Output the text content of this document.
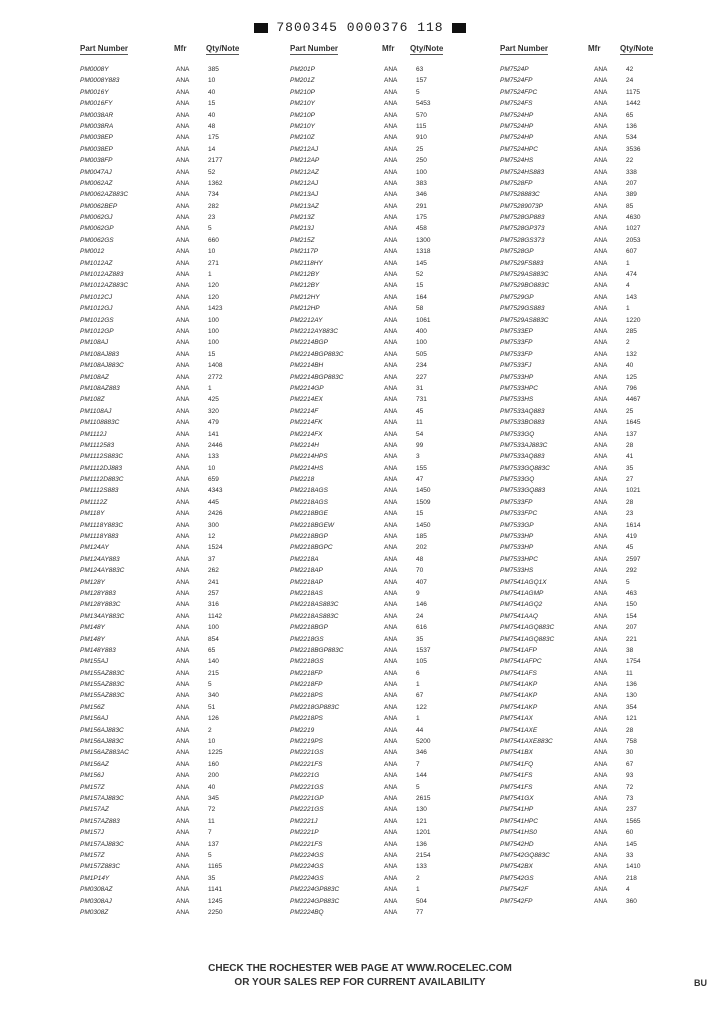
7800345 0000376 118
Part Number	Mfr Qty/Note
PM0008Y	ANA	385
PM0008Y883	ANA	10
PM0016Y	ANA	40
PM0016FY	ANA	15
PM0038AR	ANA	40
PM0038RA	ANA	48
PM0038EP	ANA	175
PM0038EP	ANA	14
PM0038FP	ANA	2177
PM0047AJ	ANA	52
PM0062AZ	ANA	1362
PM0062AZ883C	ANA	734
PM0062BEP	ANA	282
PM0062GJ	ANA	23
PM0062GP	ANA	5
PM0062GS	ANA	660
PM0012	ANA	10
PM1012AZ	ANA	271
PM1012AZ883	ANA	1
PM1012AZ883C	ANA	120
PM1012CJ	ANA	120
PM1012GJ	ANA	1423
PM1012GS	ANA	100
PM1012GP	ANA	100
PM108AJ	ANA	100
PM108AJ883	ANA	15
PM108AJ883C	ANA	1408
PM108AZ	ANA	2772
PM108AZ883	ANA	1
PM108Z	ANA	425
PM1108AJ	ANA	320
PM1108883C	ANA	479
PM1112J	ANA	141
PM1112583	ANA	2446
PM1112S883C	ANA	133
PM1112DJ883	ANA	10
PM1112D883C	ANA	659
PM1112S883	ANA	4343
PM1112Z	ANA	445
PM118Y	ANA	2426
PM1118Y883C	ANA	300
PM1118Y883	ANA	12
PM124AY	ANA	1524
PM124AY883	ANA	37
PM124AY883C	ANA	262
PM128Y	ANA	241
PM128Y883	ANA	257
PM128Y883C	ANA	316
PM134AY883C	ANA	1142
PM148Y	ANA	100
PM148Y	ANA	854
PM148Y883	ANA	65
PM155AJ	ANA	140
PM155AZ883C	ANA	215
PM155AZ883C	ANA	5
PM155AZ883C	ANA	340
PM156Z	ANA	51
PM156AJ	ANA	126
PM156AJ883C	ANA	2
PM156AJ883C	ANA	10
PM156AZ883AC	ANA	1225
PM156AZ	ANA	160
PM156J	ANA	200
PM157Z	ANA	40
PM157AJ883C	ANA	345
PM157AZ	ANA	72
PM157AZ883	ANA	11
PM157J	ANA	7
PM157AJ883C	ANA	137
PM157Z	ANA	5
PM157Z883C	ANA	1165
PM1P14Y	ANA	35
PM0308AZ	ANA	1141
PM0308AJ	ANA	1245
PM0308Z	ANA	2250
Part Number	Mfr Qty/Note
PM201P	ANA	63
PM201Z	ANA	157
PM210P	ANA	5
PM210Y	ANA	5453
PM210P	ANA	570
PM210Y	ANA	115
PM210Z	ANA	910
PM212AJ	ANA	25
PM212AP	ANA	250
PM212AZ	ANA	100
PM212AJ	ANA	383
PM213AJ	ANA	346
PM213AZ	ANA	291
PM213Z	ANA	175
PM213J	ANA	458
PM215Z	ANA	1300
PM2117P	ANA	1318
PM2118HY	ANA	145
PM212BY	ANA	52
PM212BY	ANA	15
PM212HY	ANA	164
PM212HP	ANA	58
PM2212AY	ANA	1061
PM2212AY883C	ANA	400
PM2214BGP	ANA	100
PM2214BGP883C	ANA	505
PM2214BH	ANA	234
PM2214BGP883C	ANA	227
PM2214GP	ANA	31
PM2214EX	ANA	731
PM2214F	ANA	45
PM2214FK	ANA	11
PM2214FX	ANA	54
PM2214H	ANA	99
PM2214HPS	ANA	3
PM2214HS	ANA	155
PM2218	ANA	47
PM2218AGS	ANA	1450
PM2218AGS	ANA	1509
PM2218BGE	ANA	15
PM2218BGEW	ANA	1450
PM2218BGP	ANA	185
PM2218BGPC	ANA	202
PM2218A	ANA	48
PM2218AP	ANA	70
PM2218AP	ANA	407
PM2218AS	ANA	9
PM2218AS883C	ANA	146
PM2218AS883C	ANA	24
PM2218BGP	ANA	616
PM2218GS	ANA	35
PM2218BGP883C	ANA	1537
PM2218GS	ANA	105
PM2218FP	ANA	6
PM2218FP	ANA	1
PM2218PS	ANA	67
PM2218GP883C	ANA	122
PM2218PS	ANA	1
PM2219	ANA	44
PM2219PS	ANA	5200
PM2221GS	ANA	346
PM2221FS	ANA	7
PM2221G	ANA	144
PM2221GS	ANA	5
PM2221GP	ANA	2615
PM2221GS	ANA	130
PM2221J	ANA	121
PM2221P	ANA	1201
PM2221FS	ANA	136
PM2224GS	ANA	2154
PM2224GS	ANA	133
PM2224GS	ANA	2
PM2224GP883C	ANA	1
PM2224GP883C	ANA	504
PM2224BQ	ANA	77
Part Number	Mfr Qty/Note
PM7524P	ANA	42
PM7524FP	ANA	24
PM7524FPC	ANA	1175
PM7524FS	ANA	1442
PM7524HP	ANA	65
PM7524HP	ANA	136
PM7524HP	ANA	534
PM7524HPC	ANA	3536
PM7524HS	ANA	22
PM7524HS883	ANA	338
PM7528FP	ANA	207
PM7528883C	ANA	389
PM75289073P	ANA	85
PM7528GP883	ANA	4630
PM7528GP373	ANA	1027
PM7528GS373	ANA	2053
PM7528GP	ANA	607
PM7529FS883	ANA	1
PM7529AS883C	ANA	474
PM7529BO883C	ANA	4
PM7529GP	ANA	143
PM7529GS883	ANA	1
PM7529AS883C	ANA	1220
PM7533EP	ANA	285
PM7533FP	ANA	2
PM7533FP	ANA	132
PM7533FJ	ANA	40
PM7533HP	ANA	125
PM7533HPC	ANA	796
PM7533HS	ANA	4467
PM7533AQ883	ANA	25
PM7533BO883	ANA	1645
PM7533GQ	ANA	137
PM7533AJ883C	ANA	28
PM7533AQ883	ANA	41
PM7533GQ883C	ANA	35
PM7533GQ	ANA	27
PM7533GQ883	ANA	1021
PM7533FP	ANA	28
PM7533FPC	ANA	23
PM7533GP	ANA	1614
PM7533HP	ANA	419
PM7533HP	ANA	45
PM7533HPC	ANA	2597
PM7533HS	ANA	292
PM7541AGQ1X	ANA	5
PM7541AGMP	ANA	463
PM7541AGQ2	ANA	150
PM7541AAQ	ANA	154
PM7541AGQ883C	ANA	207
PM7541AGQ883C	ANA	221
PM7541AFP	ANA	38
PM7541AFPC	ANA	1754
PM7541AFS	ANA	11
PM7541AKP	ANA	136
PM7541AKP	ANA	130
PM7541AKP	ANA	354
PM7541AX	ANA	121
PM7541AXE	ANA	28
PM7541AXE883C	ANA	758
PM7541BX	ANA	30
PM7541FQ	ANA	67
PM7541FS	ANA	93
PM7541FS	ANA	72
PM7541GX	ANA	73
PM7541HP	ANA	237
PM7541HPC	ANA	1565
PM7541HS0	ANA	60
PM7542HD	ANA	145
PM7542GQ883C	ANA	33
PM7542BX	ANA	1410
PM7542GS	ANA	218
PM7542F	ANA	4
PM7542FP	ANA	360
CHECK THE ROCHESTER WEB PAGE AT WWW.ROCELEC.COM
OR YOUR SALES REP FOR CURRENT AVAILABILITY	BU
